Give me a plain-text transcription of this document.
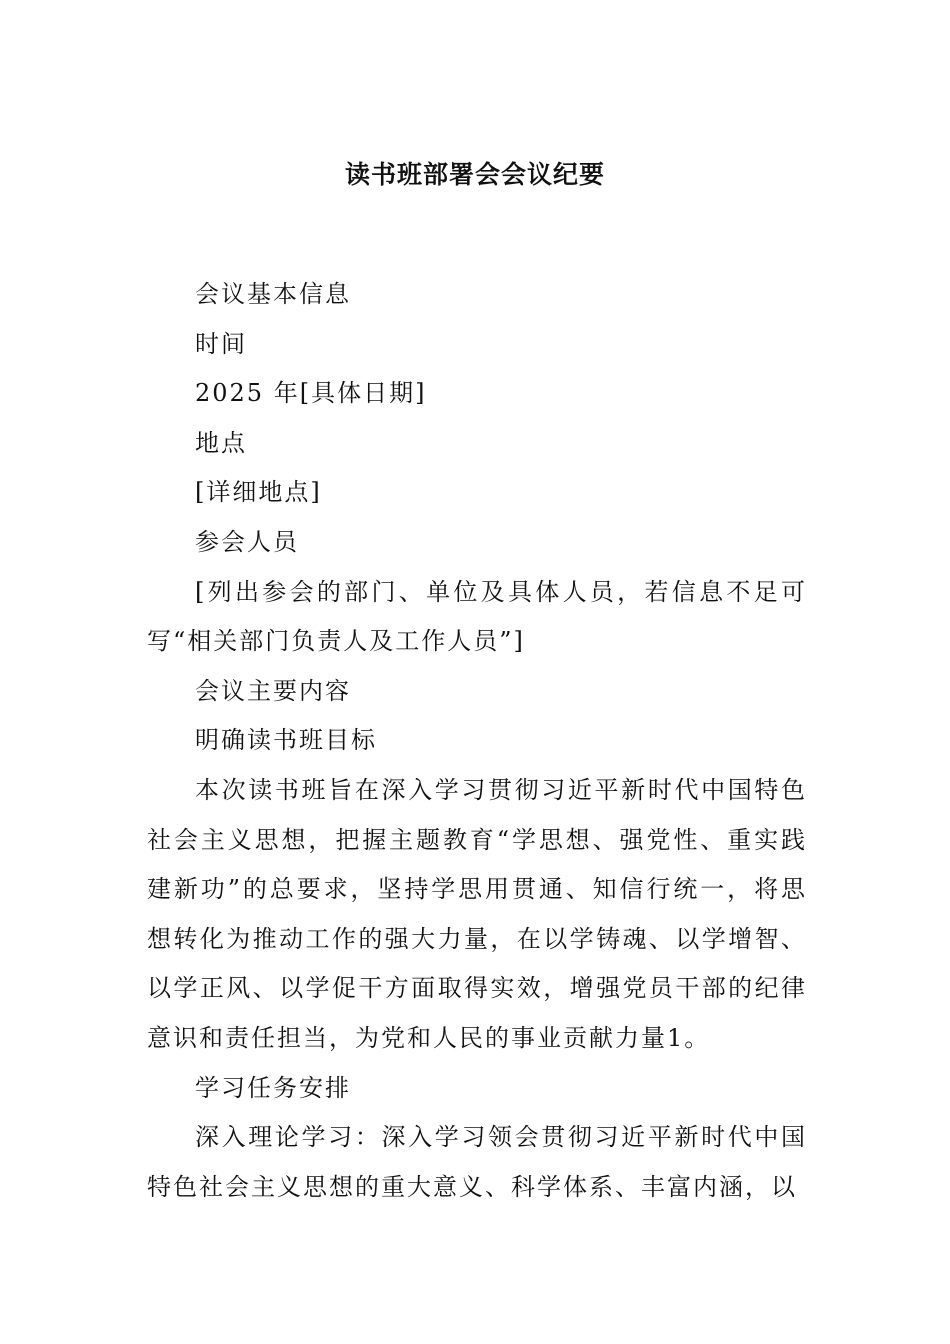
读书班部署会会议纪要

会议基本信息

时间

2025 年[具体日期]

地点

[详细地点]

参会人员

[列出参会的部门、单位及具体人员，若信息不足可写“相关部门负责人及工作人员”]

会议主要内容

明确读书班目标

本次读书班旨在深入学习贯彻习近平新时代中国特色社会主义思想，把握主题教育“学思想、强党性、重实践建新功”的总要求，坚持学思用贯通、知信行统一，将思想转化为推动工作的强大力量，在以学铸魂、以学增智、以学正风、以学促干方面取得实效，增强党员干部的纪律意识和责任担当，为党和人民的事业贡献力量1。

学习任务安排

深入理论学习：深入学习领会贯彻习近平新时代中国特色社会主义思想的重大意义、科学体系、丰富内涵，以
